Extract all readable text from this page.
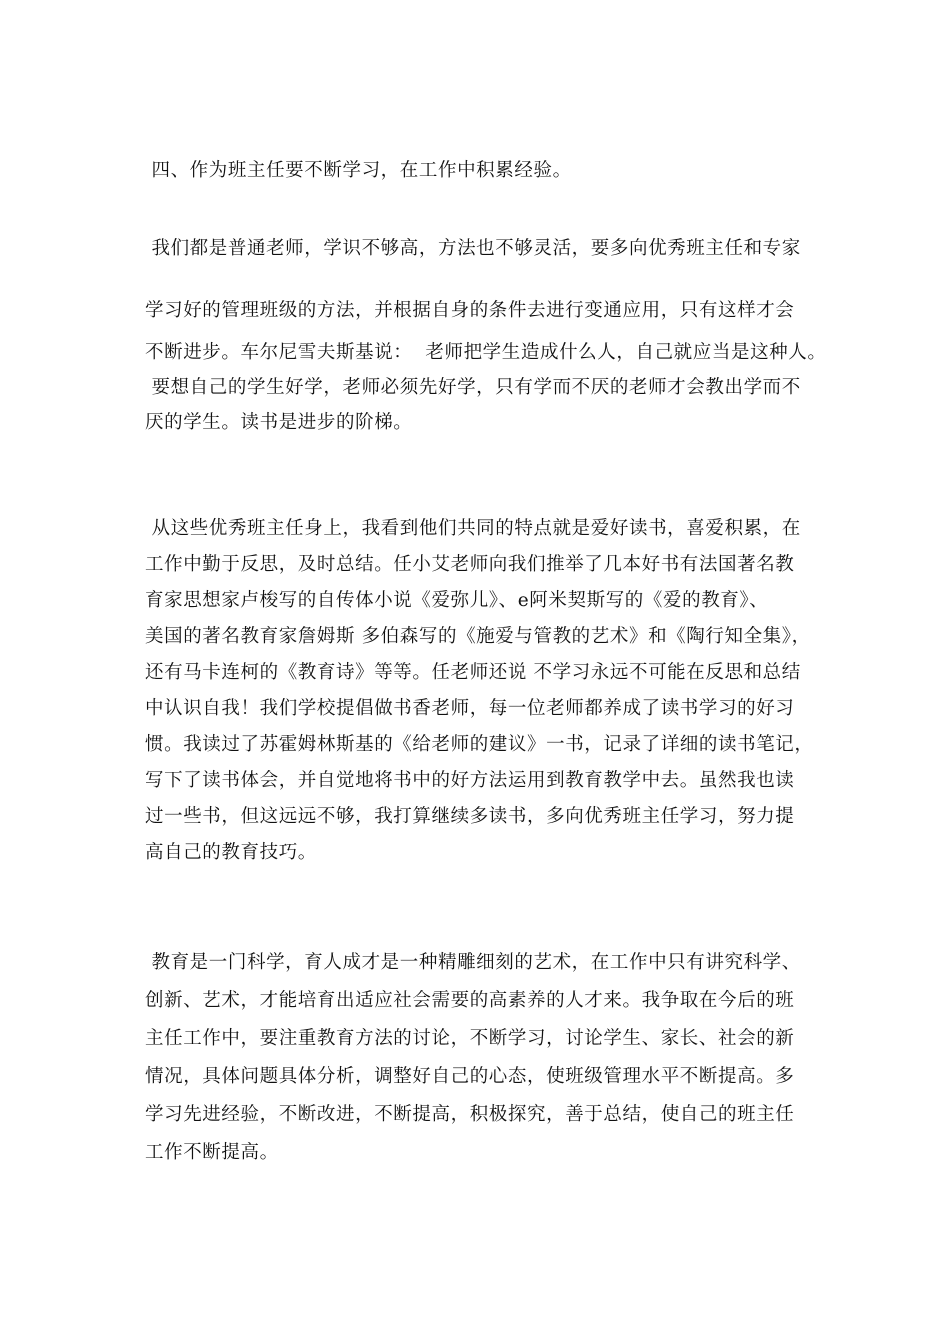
四、作为班主任要不断学习，在工作中积累经验。
我们都是普通老师，学识不够高，方法也不够灵活，要多向优秀班主任和专家
学习好的管理班级的方法，并根据自身的条件去进行变通应用，只有这样才会
不断进步。车尔尼雪夫斯基说：  老师把学生造成什么人，自己就应当是这种人。
要想自己的学生好学，老师必须先好学，只有学而不厌的老师才会教出学而不
厌的学生。读书是进步的阶梯。
从这些优秀班主任身上，我看到他们共同的特点就是爱好读书，喜爱积累，在
工作中勤于反思，及时总结。任小艾老师向我们推举了几本好书有法国著名教
育家思想家卢梭写的自传体小说《爱弥儿》、e阿米契斯写的《爱的教育》、
美国的著名教育家詹姆斯 多伯森写的《施爱与管教的艺术》和《陶行知全集》，
还有马卡连柯的《教育诗》等等。任老师还说 不学习永远不可能在反思和总结
中认识自我！我们学校提倡做书香老师，每一位老师都养成了读书学习的好习
惯。我读过了苏霍姆林斯基的《给老师的建议》一书，记录了详细的读书笔记，
写下了读书体会，并自觉地将书中的好方法运用到教育教学中去。虽然我也读
过一些书，但这远远不够，我打算继续多读书，多向优秀班主任学习，努力提
高自己的教育技巧。
教育是一门科学，育人成才是一种精雕细刻的艺术，在工作中只有讲究科学、
创新、艺术，才能培育出适应社会需要的高素养的人才来。我争取在今后的班
主任工作中，要注重教育方法的讨论，不断学习，讨论学生、家长、社会的新
情况，具体问题具体分析，调整好自己的心态，使班级管理水平不断提高。多
学习先进经验，不断改进，不断提高，积极探究，善于总结，使自己的班主任
工作不断提高。
